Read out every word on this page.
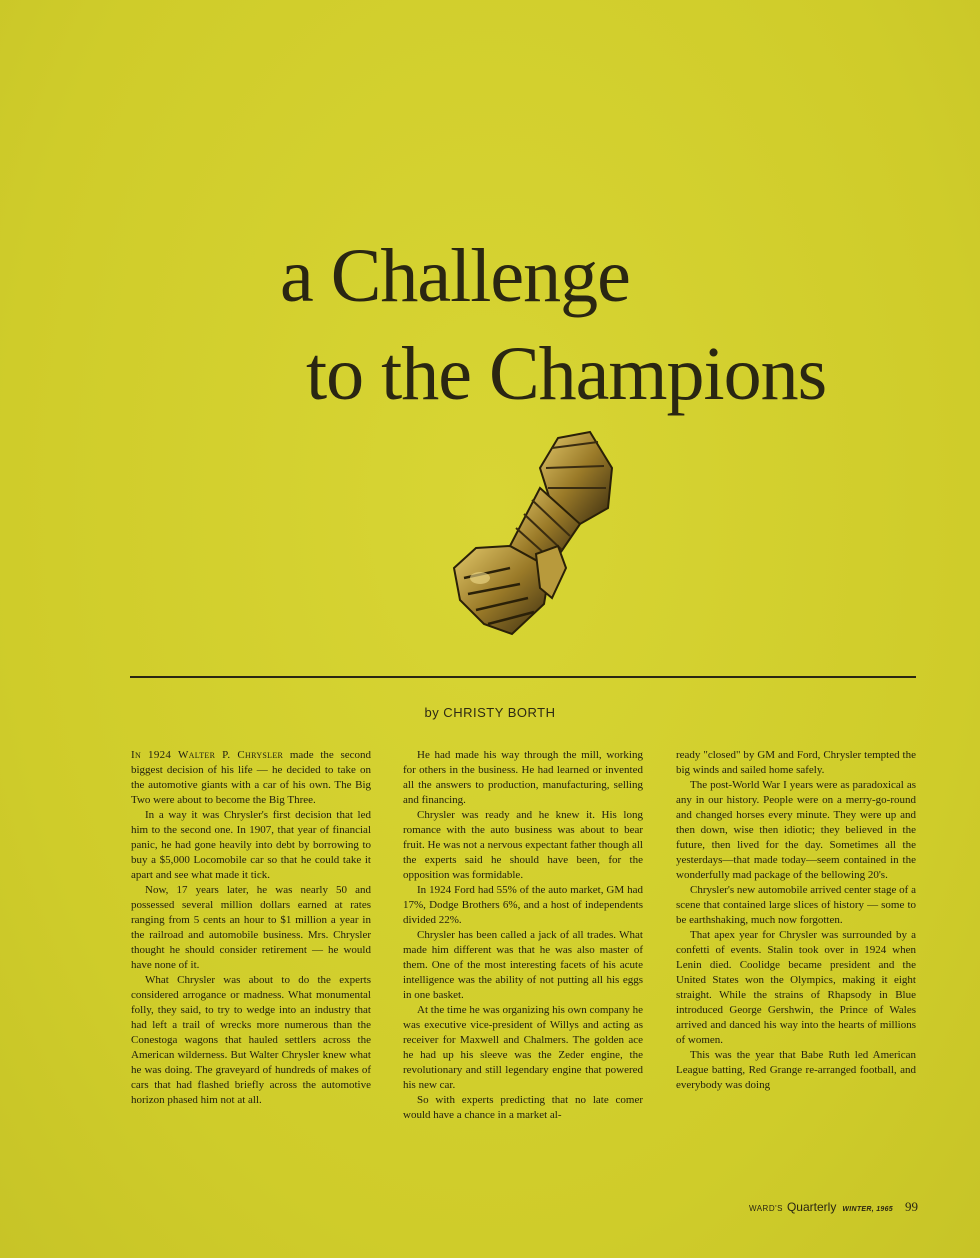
a Challenge
to the Champions
by CHRISTY BORTH

In 1924 Walter P. Chrysler made the second biggest decision of his life — he decided to take on the automotive giants with a car of his own. The Big Two were about to become the Big Three.

In a way it was Chrysler's first decision that led him to the second one. In 1907, that year of financial panic, he had gone heavily into debt by borrowing to buy a $5,000 Locomobile car so that he could take it apart and see what made it tick.

Now, 17 years later, he was nearly 50 and possessed several million dollars earned at rates ranging from 5 cents an hour to $1 million a year in the railroad and automobile business. Mrs. Chrysler thought he should consider retirement — he would have none of it.

What Chrysler was about to do the experts considered arrogance or madness. What monumental folly, they said, to try to wedge into an industry that had left a trail of wrecks more numerous than the Conestoga wagons that hauled settlers across the American wilderness. But Walter Chrysler knew what he was doing. The graveyard of hundreds of makes of cars that had flashed briefly across the automotive horizon phased him not at all.

He had made his way through the mill, working for others in the business. He had learned or invented all the answers to production, manufacturing, selling and financing.

Chrysler was ready and he knew it. His long romance with the auto business was about to bear fruit. He was not a nervous expectant father though all the experts said he should have been, for the opposition was formidable.

In 1924 Ford had 55% of the auto market, GM had 17%, Dodge Brothers 6%, and a host of independents divided 22%.

Chrysler has been called a jack of all trades. What made him different was that he was also master of them. One of the most interesting facets of his acute intelligence was the ability of not putting all his eggs in one basket.

At the time he was organizing his own company he was executive vice-president of Willys and acting as receiver for Maxwell and Chalmers. The golden ace he had up his sleeve was the Zeder engine, the revolutionary and still legendary engine that powered his new car.

So with experts predicting that no late comer would have a chance in a market al-

ready "closed" by GM and Ford, Chrysler tempted the big winds and sailed home safely.

The post-World War I years were as paradoxical as any in our history. People were on a merry-go-round and changed horses every minute. They were up and then down, wise then idiotic; they believed in the future, then lived for the day. Sometimes all the yesterdays—that made today—seem contained in the wonderfully mad package of the bellowing 20's.

Chrysler's new automobile arrived center stage of a scene that contained large slices of history — some to be earthshaking, much now forgotten.

That apex year for Chrysler was surrounded by a confetti of events. Stalin took over in 1924 when Lenin died. Coolidge became president and the United States won the Olympics, making it eight straight. While the strains of Rhapsody in Blue introduced George Gershwin, the Prince of Wales arrived and danced his way into the hearts of millions of women.

This was the year that Babe Ruth led American League batting, Red Grange re-arranged football, and everybody was doing

WARD'S Quarterly WINTER, 1965 99
